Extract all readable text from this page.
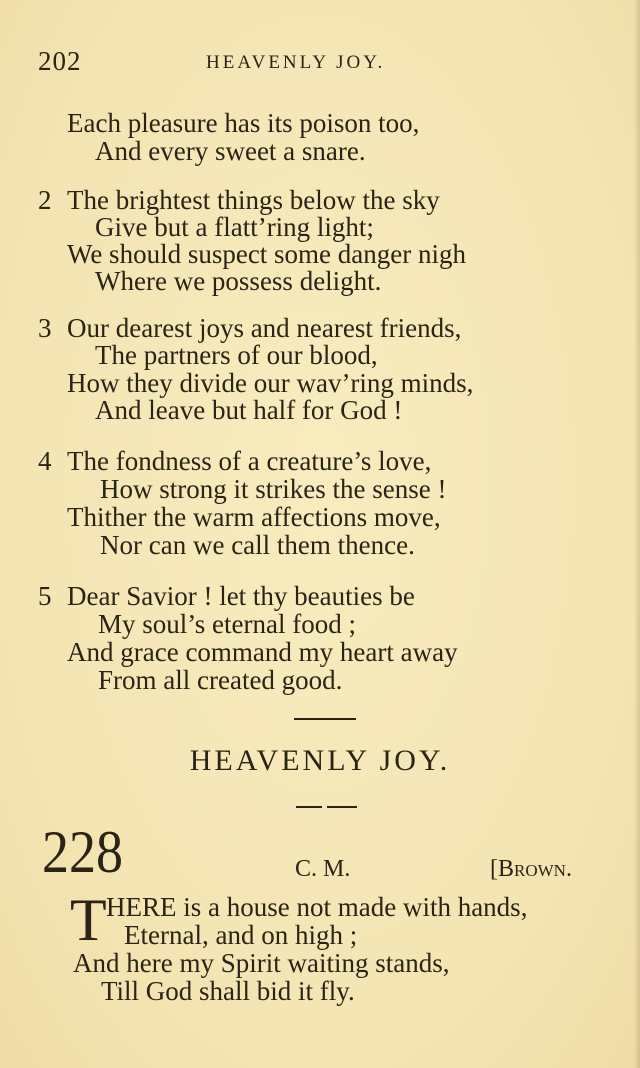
202	HEAVENLY JOY.
Each pleasure has its poison too,
And every sweet a snare.
2 The brightest things below the sky
Give but a flatt’ring light;
We should suspect some danger nigh
Where we possess delight.
3 Our dearest joys and nearest friends,
The partners of our blood,
How they divide our wav’ring minds,
And leave but half for God !
4 The fondness of a creature’s love,
How strong it strikes the sense !
Thither the warm affections move,
Nor can we call them thence.
5 Dear Savior ! let thy beauties be
My soul’s eternal food ;
And grace command my heart away
From all created good.
HEAVENLY JOY.
228	C. M.	[Brown.
T HERE is a house not made with hands,
Eternal, and on high ;
And here my Spirit waiting stands,
Till God shall bid it fly.
